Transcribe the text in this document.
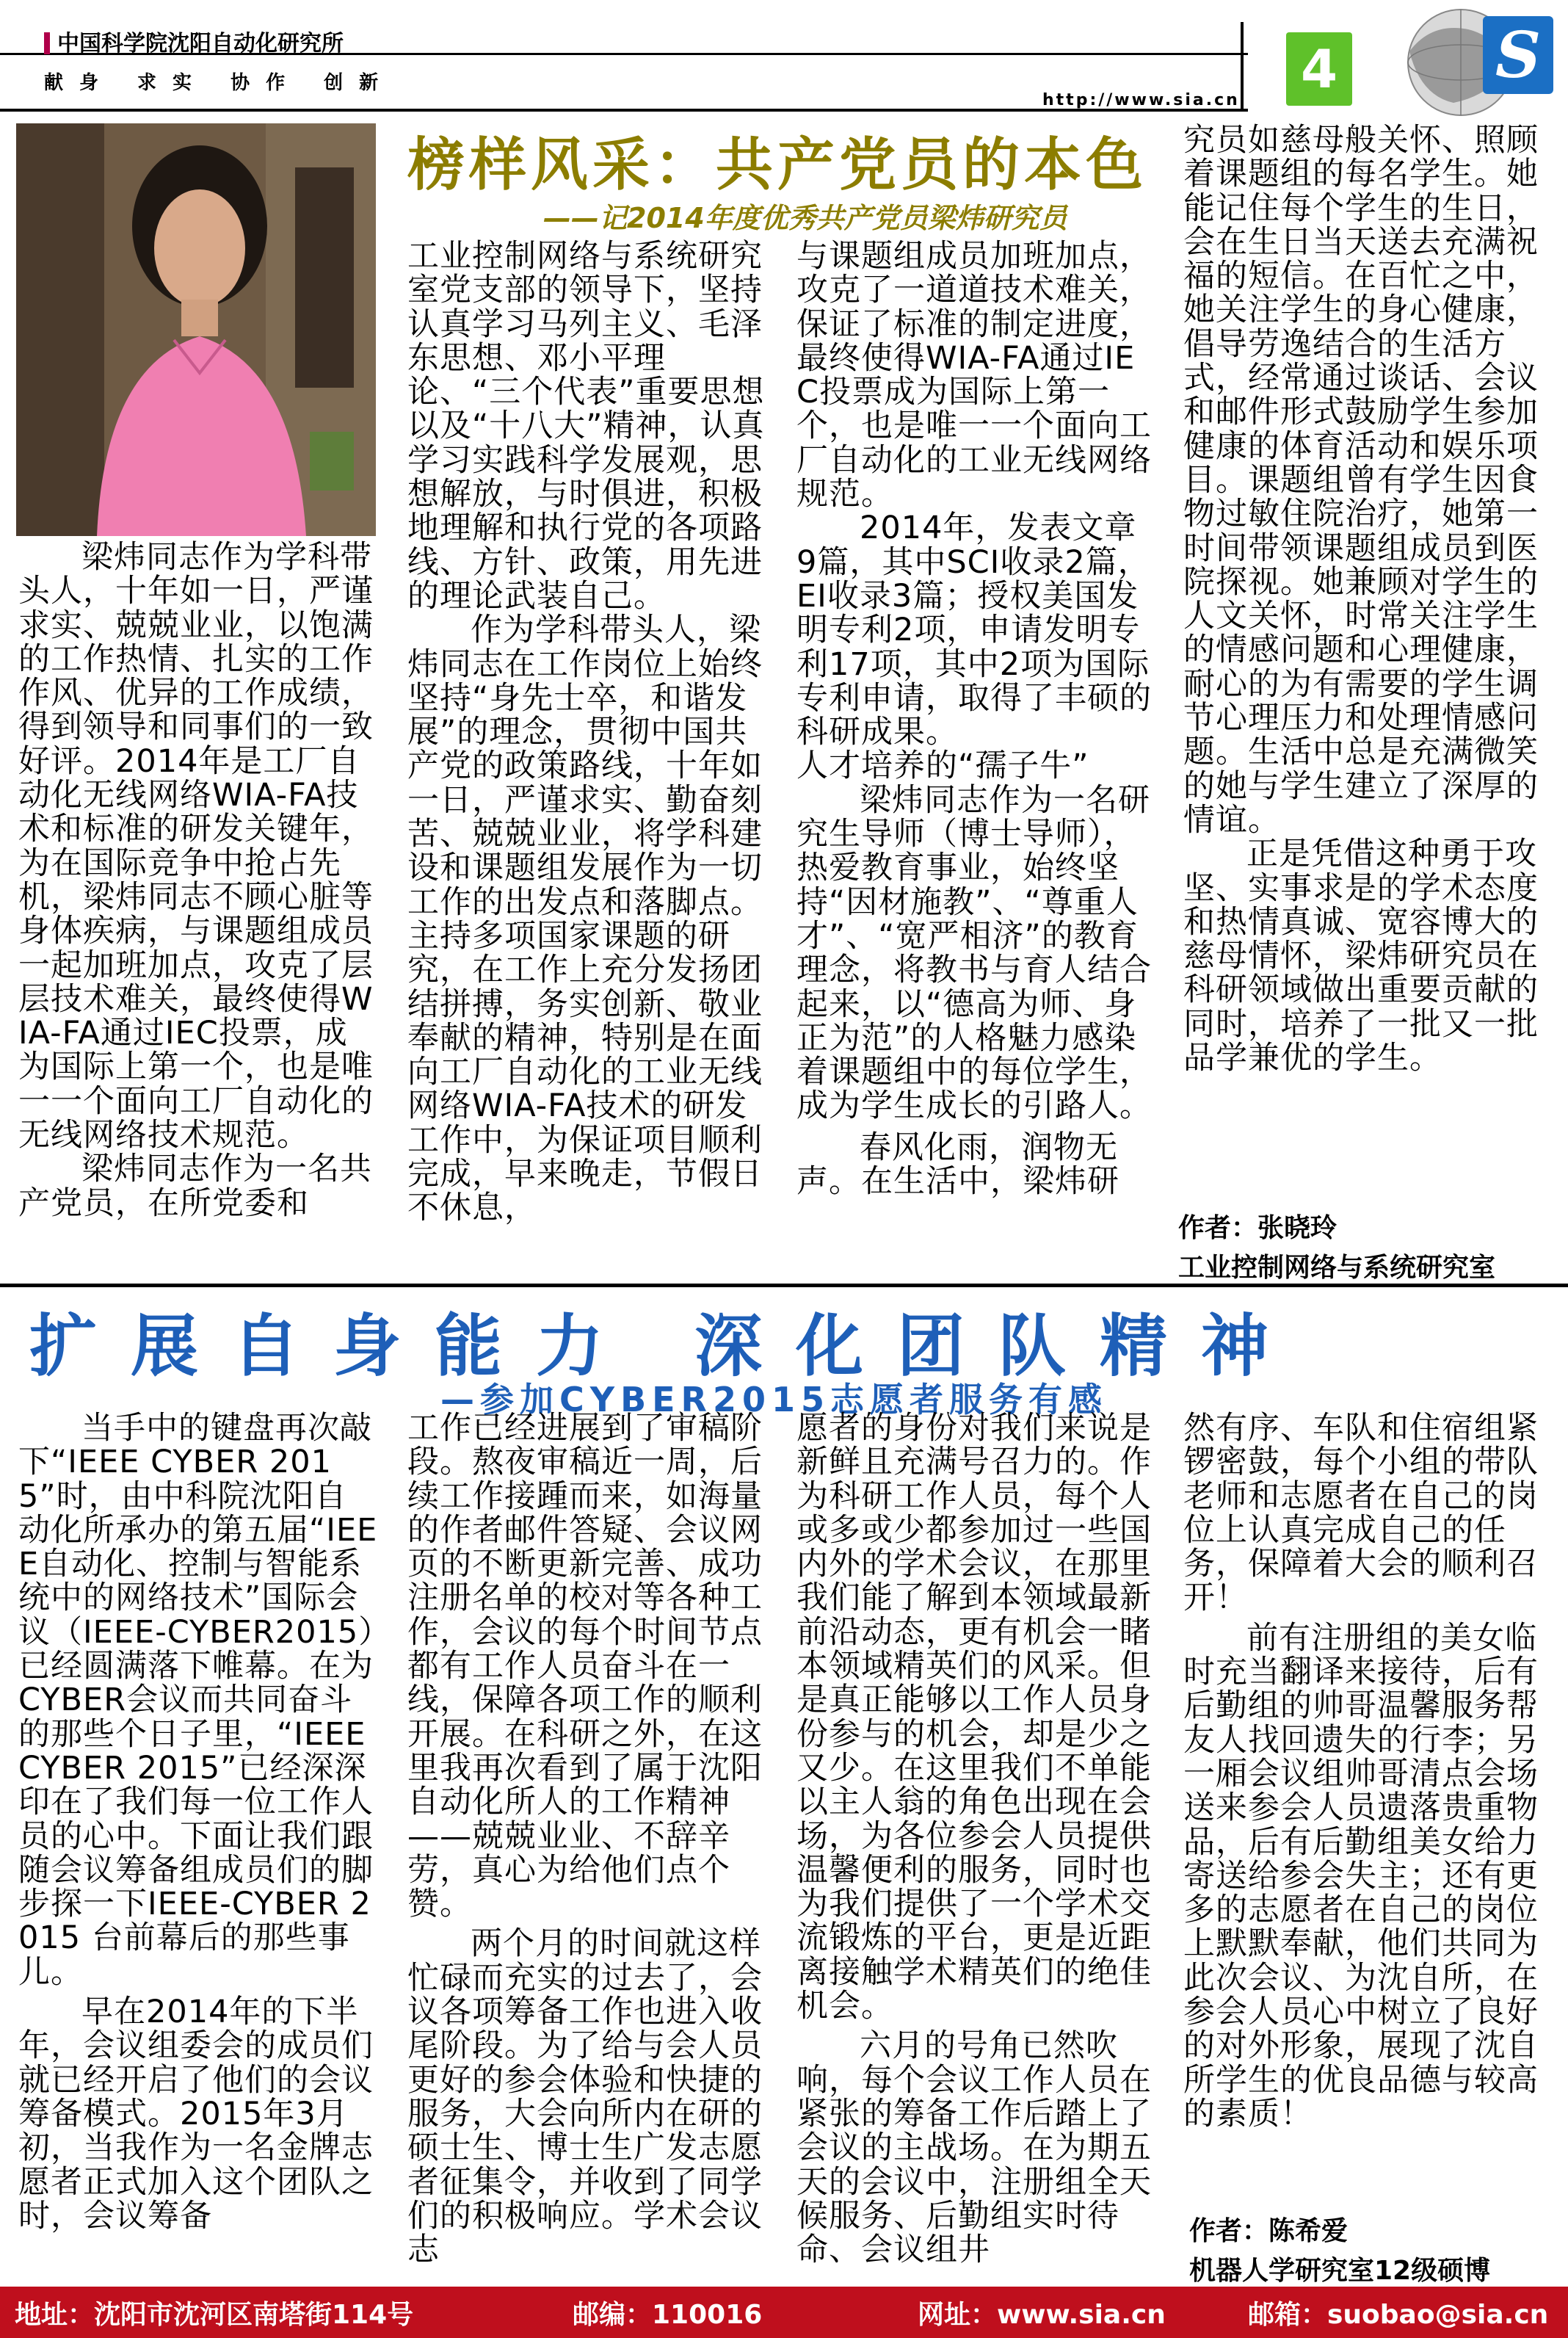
中国科学院沈阳自动化研究所
献身 求实 协作 创新
http://www.sia.cn
4 S
榜样风采：共产党员的本色
——记2014年度优秀共产党员梁炜研究员

梁炜同志作为学科带头人，十年如一日，严谨求实、兢兢业业，以饱满的工作热情、扎实的工作作风、优异的工作成绩，得到领导和同事们的一致好评。2014年是工厂自动化无线网络WIA-FA技术和标准的研发关键年，为在国际竞争中抢占先机，梁炜同志不顾心脏等身体疾病，与课题组成员一起加班加点，攻克了层层技术难关，最终使得WIA-FA通过IEC投票，成为国际上第一个，也是唯一一个面向工厂自动化的无线网络技术规范。

梁炜同志作为一名共产党员，在所党委和

工业控制网络与系统研究室党支部的领导下，坚持认真学习马列主义、毛泽东思想、邓小平理论、“三个代表”重要思想以及“十八大”精神，认真学习实践科学发展观，思想解放，与时俱进，积极地理解和执行党的各项路线、方针、政策，用先进的理论武装自己。

作为学科带头人，梁炜同志在工作岗位上始终坚持“身先士卒，和谐发展”的理念，贯彻中国共产党的政策路线，十年如一日，严谨求实、勤奋刻苦、兢兢业业，将学科建设和课题组发展作为一切工作的出发点和落脚点。主持多项国家课题的研究，在工作上充分发扬团结拼搏，务实创新、敬业奉献的精神，特别是在面向工厂自动化的工业无线网络WIA-FA技术的研发工作中，为保证项目顺利完成，早来晚走，节假日不休息，

与课题组成员加班加点，攻克了一道道技术难关，保证了标准的制定进度，最终使得WIA-FA通过IEC投票成为国际上第一个，也是唯一一个面向工厂自动化的工业无线网络规范。

2014年，发表文章9篇，其中SCI收录2篇，EI收录3篇；授权美国发明专利2项，申请发明专利17项，其中2项为国际专利申请，取得了丰硕的科研成果。

人才培养的“孺子牛”

梁炜同志作为一名研究生导师（博士导师），热爱教育事业，始终坚持“因材施教”、“尊重人才”、“宽严相济”的教育理念，将教书与育人结合起来，以“德高为师、身正为范”的人格魅力感染着课题组中的每位学生，成为学生成长的引路人。

春风化雨，润物无声。在生活中，梁炜研

究员如慈母般关怀、照顾着课题组的每名学生。她能记住每个学生的生日，会在生日当天送去充满祝福的短信。在百忙之中，她关注学生的身心健康，倡导劳逸结合的生活方式，经常通过谈话、会议和邮件形式鼓励学生参加健康的体育活动和娱乐项目。课题组曾有学生因食物过敏住院治疗，她第一时间带领课题组成员到医院探视。她兼顾对学生的人文关怀，时常关注学生的情感问题和心理健康，耐心的为有需要的学生调节心理压力和处理情感问题。生活中总是充满微笑的她与学生建立了深厚的情谊。

正是凭借这种勇于攻坚、实事求是的学术态度和热情真诚、宽容博大的慈母情怀，梁炜研究员在科研领域做出重要贡献的同时，培养了一批又一批品学兼优的学生。

作者：张晓玲
工业控制网络与系统研究室
扩展自身能力 深化团队精神
—参加CYBER2015志愿者服务有感

当手中的键盘再次敲下“IEEE CYBER 2015”时，由中科院沈阳自动化所承办的第五届“IEEE自动化、控制与智能系统中的网络技术”国际会议（IEEE-CYBER2015）已经圆满落下帷幕。在为CYBER会议而共同奋斗的那些个日子里，“IEEE CYBER 2015”已经深深印在了我们每一位工作人员的心中。下面让我们跟随会议筹备组成员们的脚步探一下IEEE-CYBER 2015 台前幕后的那些事儿。

早在2014年的下半年，会议组委会的成员们就已经开启了他们的会议筹备模式。2015年3月初，当我作为一名金牌志愿者正式加入这个团队之时，会议筹备

工作已经进展到了审稿阶段。熬夜审稿近一周，后续工作接踵而来，如海量的作者邮件答疑、会议网页的不断更新完善、成功注册名单的校对等各种工作，会议的每个时间节点都有工作人员奋斗在一线，保障各项工作的顺利开展。在科研之外，在这里我再次看到了属于沈阳自动化所人的工作精神——兢兢业业、不辞辛劳，真心为给他们点个赞。

两个月的时间就这样忙碌而充实的过去了，会议各项筹备工作也进入收尾阶段。为了给与会人员更好的参会体验和快捷的服务，大会向所内在研的硕士生、博士生广发志愿者征集令，并收到了同学们的积极响应。学术会议志

愿者的身份对我们来说是新鲜且充满号召力的。作为科研工作人员，每个人或多或少都参加过一些国内外的学术会议，在那里我们能了解到本领域最新前沿动态，更有机会一睹本领域精英们的风采。但是真正能够以工作人员身份参与的机会，却是少之又少。在这里我们不单能以主人翁的角色出现在会场，为各位参会人员提供温馨便利的服务，同时也为我们提供了一个学术交流锻炼的平台，更是近距离接触学术精英们的绝佳机会。

六月的号角已然吹响，每个会议工作人员在紧张的筹备工作后踏上了会议的主战场。在为期五天的会议中，注册组全天候服务、后勤组实时待命、会议组井

然有序、车队和住宿组紧锣密鼓，每个小组的带队老师和志愿者在自己的岗位上认真完成自己的任务，保障着大会的顺利召开！

前有注册组的美女临时充当翻译来接待，后有后勤组的帅哥温馨服务帮友人找回遗失的行李；另一厢会议组帅哥清点会场送来参会人员遗落贵重物品，后有后勤组美女给力寄送给参会失主；还有更多的志愿者在自己的岗位上默默奉献，他们共同为此次会议、为沈自所，在参会人员心中树立了良好的对外形象，展现了沈自所学生的优良品德与较高的素质！

作者：陈希爱
机器人学研究室12级硕博
地址：沈阳市沈河区南塔街114号	邮编：110016	网址：www.sia.cn	邮箱：suobao@sia.cn
